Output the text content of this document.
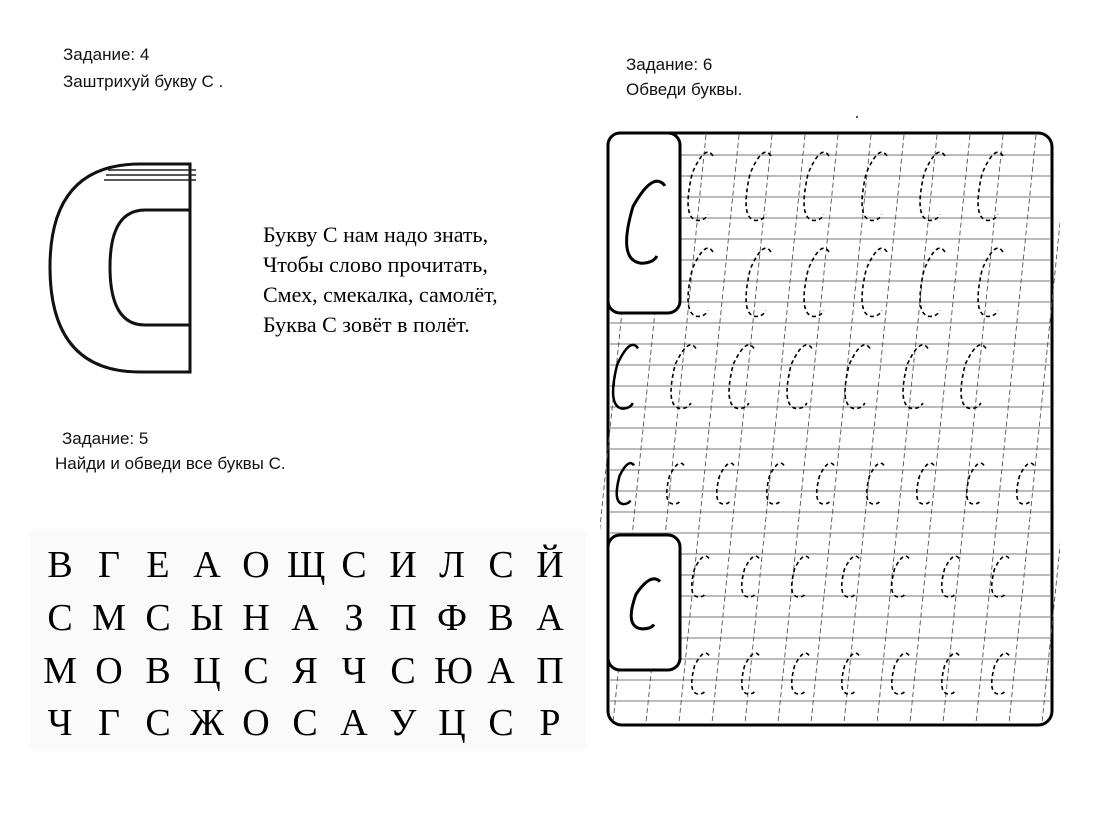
Задание: 4
Заштрихуй букву С .
Букву С нам надо знать,
Чтобы слово прочитать,
Смех, смекалка, самолёт,
Буква С зовёт в полёт.
Задание: 5
Найди и обведи все буквы С.
В Г Е А О Щ С И Л С Й
С М С Ы Н А З П Ф В А
М О В Ц С Я Ч С Ю А П
Ч Г С Ж О С А У Ц С Р
Задание: 6
Обведи буквы.
